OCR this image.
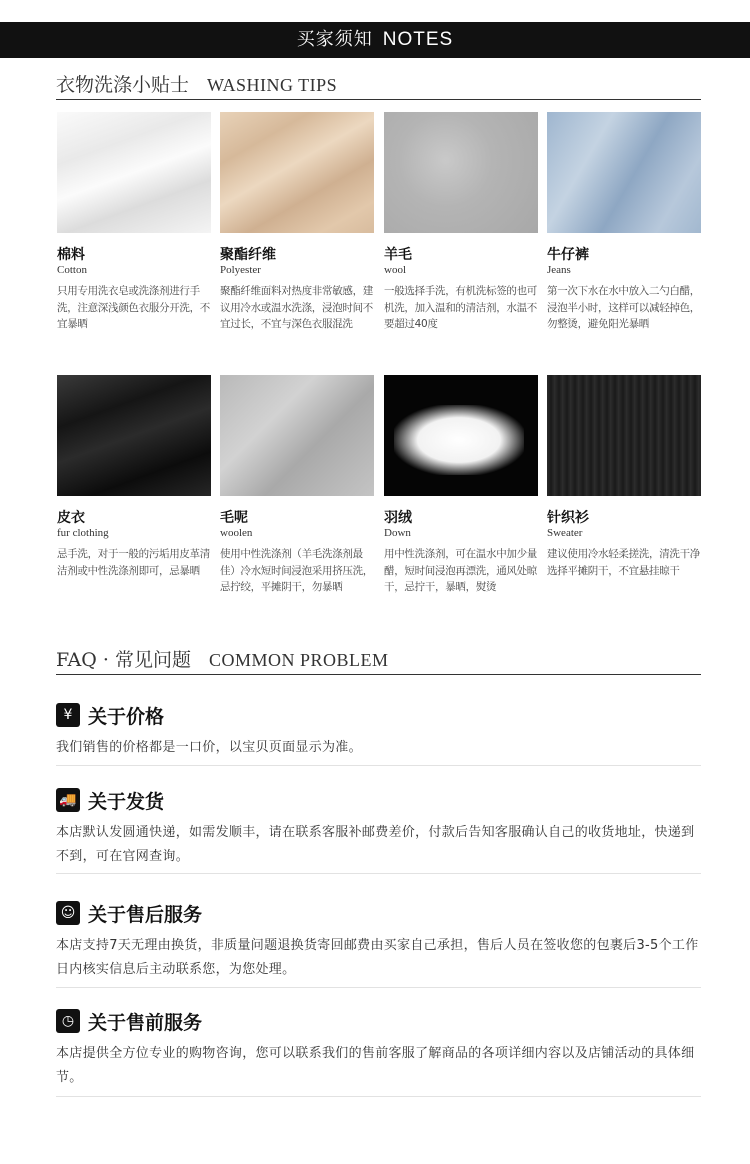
买家须知 NOTES
衣物洗涤小贴士 WASHING TIPS
棉料
Cotton
只用专用洗衣皂或洗涤剂进行手洗，注意深浅颜色衣服分开洗，不宜暴晒
聚酯纤维
Polyester
聚酯纤维面料对热度非常敏感，建议用冷水或温水洗涤，浸泡时间不宜过长，不宜与深色衣服混洗
羊毛
wool
一般选择手洗，有机洗标签的也可机洗，加入温和的清洁剂，水温不要超过40度
牛仔裤
Jeans
第一次下水在水中放入二勺白醋，浸泡半小时，这样可以减轻掉色，勿整烫，避免阳光暴晒
皮衣
fur clothing
忌手洗，对于一般的污垢用皮革清洁剂或中性洗涤剂即可，忌暴晒
毛呢
woolen
使用中性洗涤剂（羊毛洗涤剂最佳）冷水短时间浸泡采用挤压洗，忌拧绞，平摊阴干，勿暴晒
羽绒
Down
用中性洗涤剂，可在温水中加少量醋，短时间浸泡再漂洗，通风处晾干，忌拧干，暴晒，熨烫
针织衫
Sweater
建议使用冷水轻柔搓洗，清洗干净选择平摊阴干，不宜悬挂晾干
FAQ · 常见问题 COMMON PROBLEM
¥ 关于价格
我们销售的价格都是一口价，以宝贝页面显示为准。
🚚 关于发货
本店默认发圆通快递，如需发顺丰，请在联系客服补邮费差价，付款后告知客服确认自己的收货地址，快递到不到，可在官网查询。
☺ 关于售后服务
本店支持7天无理由换货，非质量问题退换货寄回邮费由买家自己承担，售后人员在签收您的包裹后3-5个工作日内核实信息后主动联系您，为您处理。
◷ 关于售前服务
本店提供全方位专业的购物咨询，您可以联系我们的售前客服了解商品的各项详细内容以及店铺活动的具体细节。
